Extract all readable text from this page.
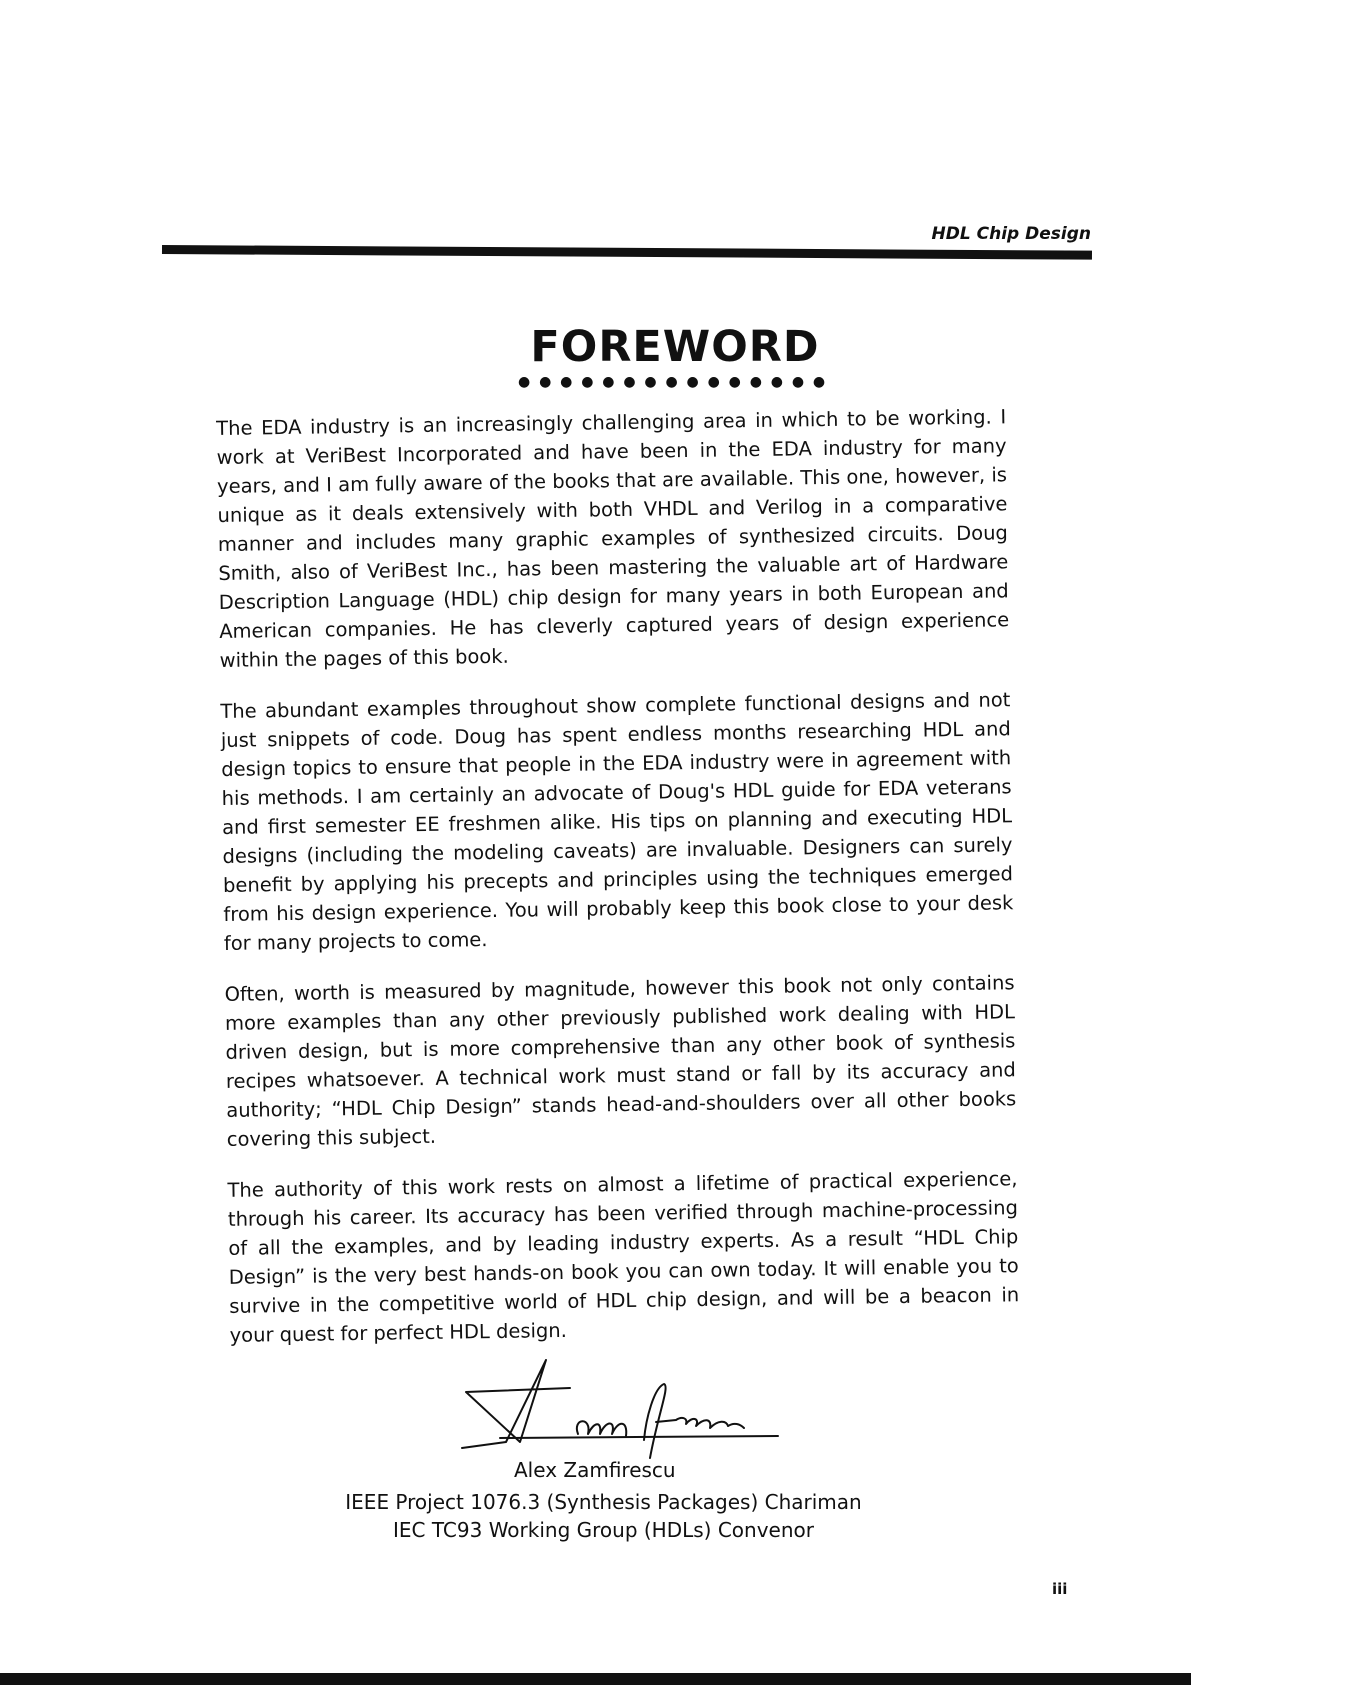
HDL Chip Design
FOREWORD
● ● ● ● ● ● ● ● ● ● ● ● ● ● ●

The EDA industry is an increasingly challenging area in which to be working. I work at VeriBest Incorporated and have been in the EDA industry for many years, and I am fully aware of the books that are available. This one, however, is unique as it deals extensively with both VHDL and Verilog in a comparative manner and includes many graphic examples of synthesized circuits. Doug Smith, also of VeriBest Inc., has been mastering the valuable art of Hardware Description Language (HDL) chip design for many years in both European and American companies. He has cleverly captured years of design experience within the pages of this book.

The abundant examples throughout show complete functional designs and not just snippets of code. Doug has spent endless months researching HDL and design topics to ensure that people in the EDA industry were in agreement with his methods. I am certainly an advocate of Doug's HDL guide for EDA veterans and first semester EE freshmen alike. His tips on planning and executing HDL designs (including the modeling caveats) are invaluable. Designers can surely benefit by applying his precepts and principles using the techniques emerged from his design experience. You will probably keep this book close to your desk for many projects to come.

Often, worth is measured by magnitude, however this book not only contains more examples than any other previously published work dealing with HDL driven design, but is more comprehensive than any other book of synthesis recipes whatsoever. A technical work must stand or fall by its accuracy and authority; “HDL Chip Design” stands head-and-shoulders over all other books covering this subject.

The authority of this work rests on almost a lifetime of practical experience, through his career. Its accuracy has been verified through machine-processing of all the examples, and by leading industry experts. As a result “HDL Chip Design” is the very best hands-on book you can own today. It will enable you to survive in the competitive world of HDL chip design, and will be a beacon in your quest for perfect HDL design.

Alex Zamfirescu
IEEE Project 1076.3 (Synthesis Packages) Chariman
IEC TC93 Working Group (HDLs) Convenor
iii
